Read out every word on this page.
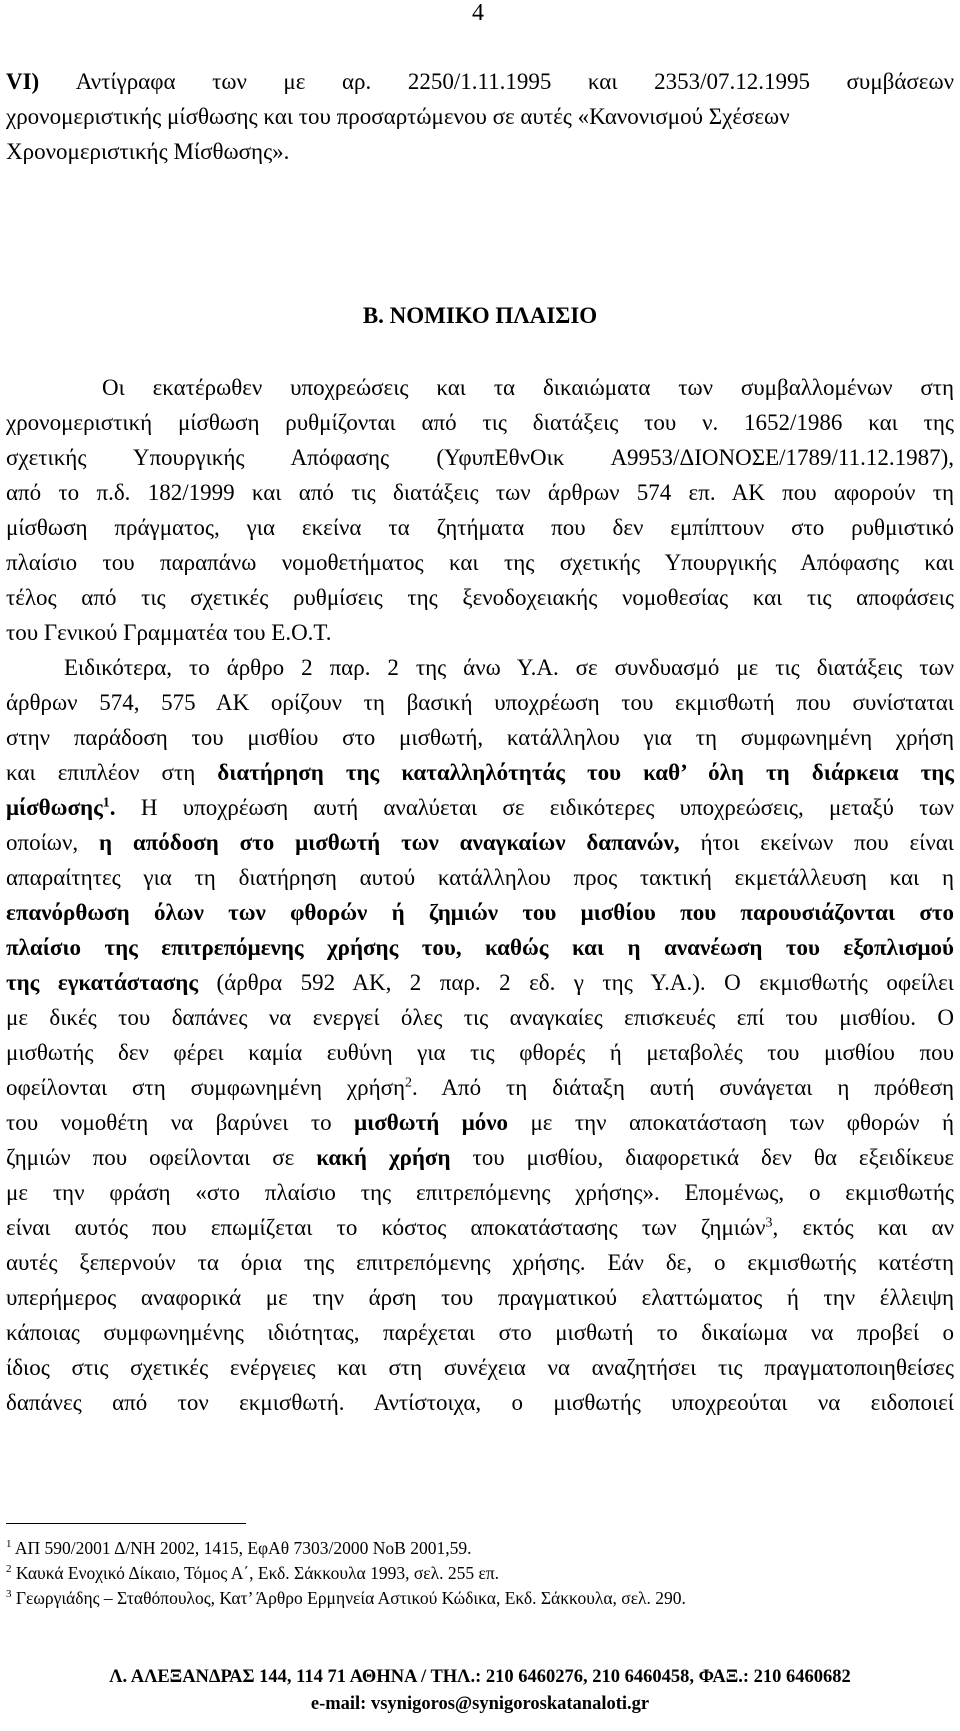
4

VI) Αντίγραφα των με αρ. 2250/1.11.1995 και 2353/07.12.1995 συμβάσεων

χρονομεριστικής μίσθωσης και του προσαρτώμενου σε αυτές «Κανονισμού Σχέσεων

Χρονομεριστικής Μίσθωσης».

Β. ΝΟΜΙΚΟ ΠΛΑΙΣΙΟ

Οι εκατέρωθεν υποχρεώσεις και τα δικαιώματα των συμβαλλομένων στη

χρονομεριστική μίσθωση ρυθμίζονται από τις διατάξεις του ν. 1652/1986 και της

σχετικής Υπουργικής Απόφασης (ΥφυπΕθνΟικ Α9953/ΔΙΟΝΟΣΕ/1789/11.12.1987),

από το π.δ. 182/1999 και από τις διατάξεις των άρθρων 574 επ. ΑΚ που αφορούν τη

μίσθωση πράγματος, για εκείνα τα ζητήματα που δεν εμπίπτουν στο ρυθμιστικό

πλαίσιο του παραπάνω νομοθετήματος και της σχετικής Υπουργικής Απόφασης και

τέλος από τις σχετικές ρυθμίσεις της ξενοδοχειακής νομοθεσίας και τις αποφάσεις

του Γενικού Γραμματέα του Ε.Ο.Τ.

Ειδικότερα, το άρθρο 2 παρ. 2 της άνω Υ.Α. σε συνδυασμό με τις διατάξεις των

άρθρων 574, 575 ΑΚ ορίζουν τη βασική υποχρέωση του εκμισθωτή που συνίσταται

στην παράδοση του μισθίου στο μισθωτή, κατάλληλου για τη συμφωνημένη χρήση

και επιπλέον στη διατήρηση της καταλληλότητάς του καθ’ όλη τη διάρκεια της

μίσθωσης$^1$. Η υποχρέωση αυτή αναλύεται σε ειδικότερες υποχρεώσεις, μεταξύ των

οποίων, η απόδοση στο μισθωτή των αναγκαίων δαπανών, ήτοι εκείνων που είναι

απαραίτητες για τη διατήρηση αυτού κατάλληλου προς τακτική εκμετάλλευση και η

επανόρθωση όλων των φθορών ή ζημιών του μισθίου που παρουσιάζονται στο

πλαίσιο της επιτρεπόμενης χρήσης του, καθώς και η ανανέωση του εξοπλισμού

της εγκατάστασης (άρθρα 592 ΑΚ, 2 παρ. 2 εδ. γ της Υ.Α.). Ο εκμισθωτής οφείλει

με δικές του δαπάνες να ενεργεί όλες τις αναγκαίες επισκευές επί του μισθίου. Ο

μισθωτής δεν φέρει καμία ευθύνη για τις φθορές ή μεταβολές του μισθίου που

οφείλονται στη συμφωνημένη χρήση$^2$. Από τη διάταξη αυτή συνάγεται η πρόθεση

του νομοθέτη να βαρύνει το μισθωτή μόνο με την αποκατάσταση των φθορών ή

ζημιών που οφείλονται σε κακή χρήση του μισθίου, διαφορετικά δεν θα εξειδίκευε

με την φράση «στο πλαίσιο της επιτρεπόμενης χρήσης». Επομένως, ο εκμισθωτής

είναι αυτός που επωμίζεται το κόστος αποκατάστασης των ζημιών$^3$, εκτός και αν

αυτές ξεπερνούν τα όρια της επιτρεπόμενης χρήσης. Εάν δε, ο εκμισθωτής κατέστη

υπερήμερος αναφορικά με την άρση του πραγματικού ελαττώματος ή την έλλειψη

κάποιας συμφωνημένης ιδιότητας, παρέχεται στο μισθωτή το δικαίωμα να προβεί ο

ίδιος στις σχετικές ενέργειες και στη συνέχεια να αναζητήσει τις πραγματοποιηθείσες

δαπάνες από τον εκμισθωτή. Αντίστοιχα, ο μισθωτής υποχρεούται να ειδοποιεί

$^1$ ΑΠ 590/2001 Δ/ΝΗ 2002, 1415, ΕφΑθ 7303/2000 ΝοΒ 2001,59.
$^2$ Καυκά Ενοχικό Δίκαιο, Τόμος Α΄, Εκδ. Σάκκουλα 1993, σελ. 255 επ.
$^3$ Γεωργιάδης – Σταθόπουλος, Κατ’ Άρθρο Ερμηνεία Αστικού Κώδικα, Εκδ. Σάκκουλα, σελ. 290.
Λ. ΑΛΕΞΑΝΔΡΑΣ 144, 114 71 ΑΘΗΝΑ / ΤΗΛ.: 210 6460276, 210 6460458, ΦΑΞ.: 210 6460682
e-mail: vsynigoros@synigoroskatanaloti.gr
